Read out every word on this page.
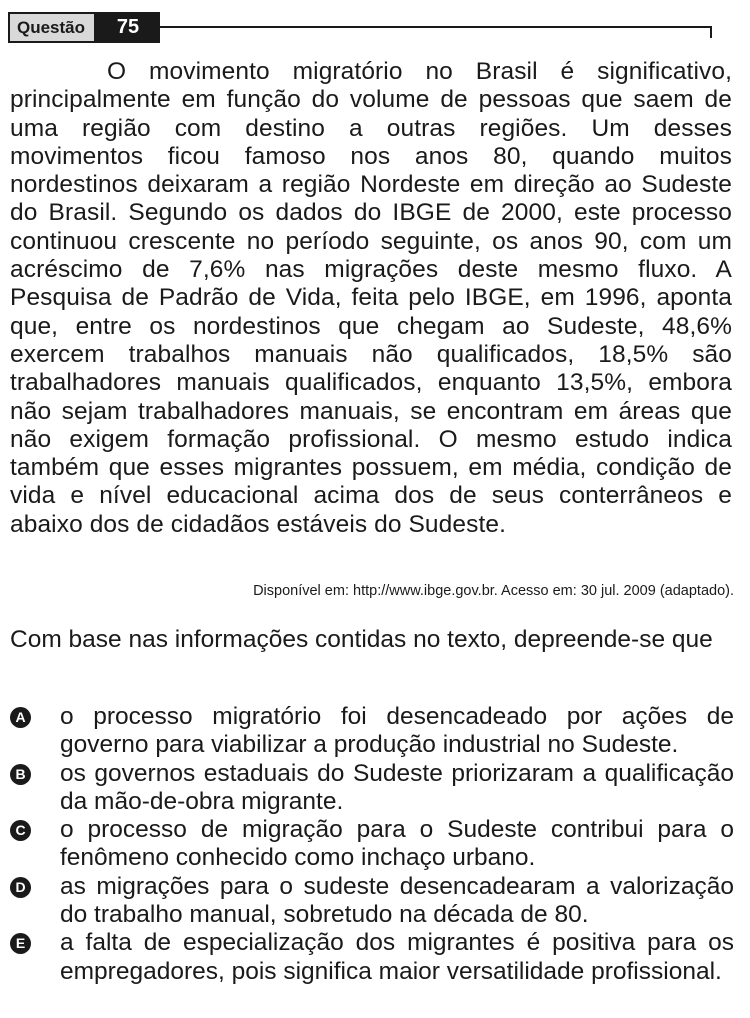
Questão	75

O movimento migratório no Brasil é significativo, principalmente em função do volume de pessoas que saem de uma região com destino a outras regiões. Um desses movimentos ficou famoso nos anos 80, quando muitos nordestinos deixaram a região Nordeste em direção ao Sudeste do Brasil. Segundo os dados do IBGE de 2000, este processo continuou crescente no período seguinte, os anos 90, com um acréscimo de 7,6% nas migrações deste mesmo fluxo. A Pesquisa de Padrão de Vida, feita pelo IBGE, em 1996, aponta que, entre os nordestinos que chegam ao Sudeste, 48,6% exercem trabalhos manuais não qualificados, 18,5% são trabalhadores manuais qualificados, enquanto 13,5%, embora não sejam trabalhadores manuais, se encontram em áreas que não exigem formação profissional. O mesmo estudo indica também que esses migrantes possuem, em média, condição de vida e nível educacional acima dos de seus conterrâneos e abaixo dos de cidadãos estáveis do Sudeste.

Disponível em: http://www.ibge.gov.br. Acesso em: 30 jul. 2009 (adaptado).

Com base nas informações contidas no texto, depreende-se que

A o processo migratório foi desencadeado por ações de governo para viabilizar a produção industrial no Sudeste.
B os governos estaduais do Sudeste priorizaram a qualificação da mão-de-obra migrante.
C o processo de migração para o Sudeste contribui para o fenômeno conhecido como inchaço urbano.
D as migrações para o sudeste desencadearam a valorização do trabalho manual, sobretudo na década de 80.
E a falta de especialização dos migrantes é positiva para os empregadores, pois significa maior versatilidade profissional.
